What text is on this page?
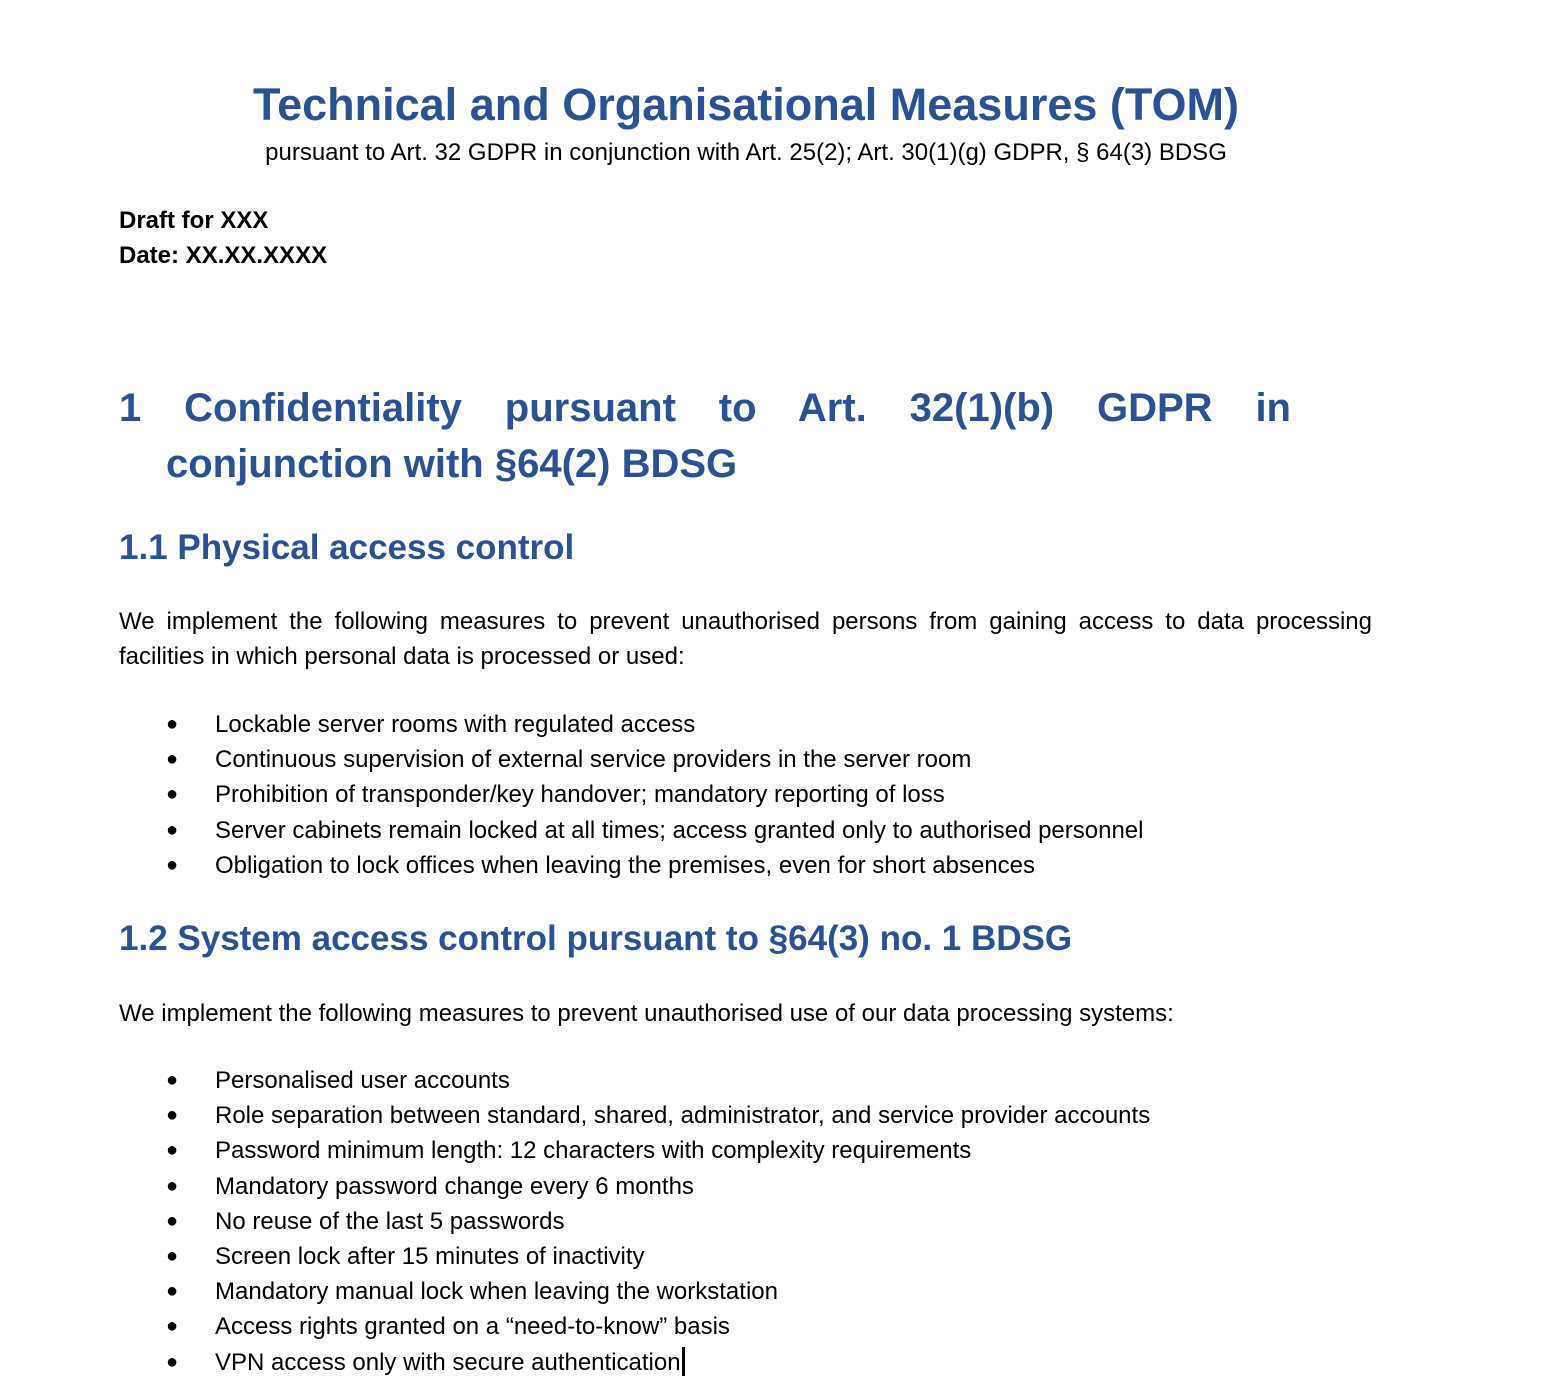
Technical and Organisational Measures (TOM)

pursuant to Art. 32 GDPR in conjunction with Art. 25(2); Art. 30(1)(g) GDPR, § 64(3) BDSG

Draft for XXX

Date: XX.XX.XXXX

1 Confidentiality pursuant to Art. 32(1)(b) GDPR in
conjunction with §64(2) BDSG
1.1 Physical access control

We implement the following measures to prevent unauthorised persons from gaining access to data processing facilities in which personal data is processed or used:

● Lockable server rooms with regulated access
● Continuous supervision of external service providers in the server room
● Prohibition of transponder/key handover; mandatory reporting of loss
● Server cabinets remain locked at all times; access granted only to authorised personnel
● Obligation to lock offices when leaving the premises, even for short absences
1.2 System access control pursuant to §64(3) no. 1 BDSG

We implement the following measures to prevent unauthorised use of our data processing systems:

● Personalised user accounts
● Role separation between standard, shared, administrator, and service provider accounts
● Password minimum length: 12 characters with complexity requirements
● Mandatory password change every 6 months
● No reuse of the last 5 passwords
● Screen lock after 15 minutes of inactivity
● Mandatory manual lock when leaving the workstation
● Access rights granted on a “need-to-know” basis
● VPN access only with secure authentication
